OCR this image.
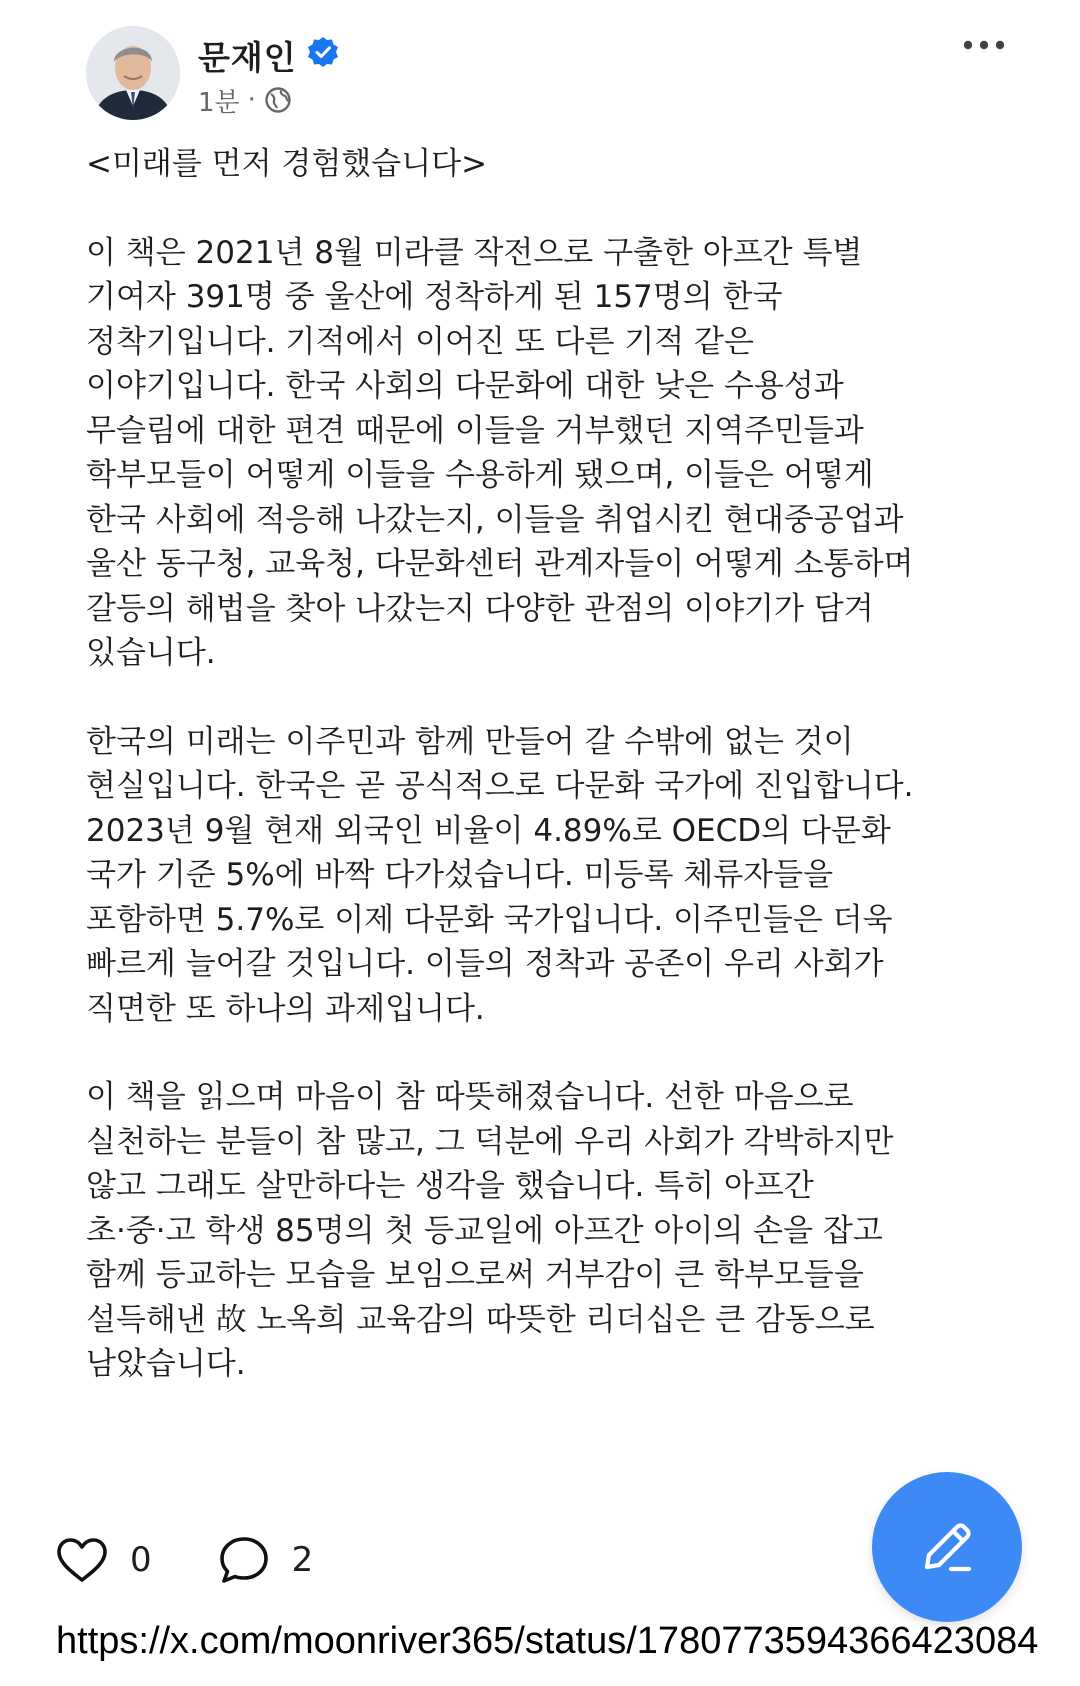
문재인
1분 ·

<미래를 먼저 경험했습니다>

이 책은 2021년 8월 미라클 작전으로 구출한 아프간 특별
기여자 391명 중 울산에 정착하게 된 157명의 한국
정착기입니다. 기적에서 이어진 또 다른 기적 같은
이야기입니다. 한국 사회의 다문화에 대한 낮은 수용성과
무슬림에 대한 편견 때문에 이들을 거부했던 지역주민들과
학부모들이 어떻게 이들을 수용하게 됐으며, 이들은 어떻게
한국 사회에 적응해 나갔는지, 이들을 취업시킨 현대중공업과
울산 동구청, 교육청, 다문화센터 관계자들이 어떻게 소통하며
갈등의 해법을 찾아 나갔는지 다양한 관점의 이야기가 담겨
있습니다.

한국의 미래는 이주민과 함께 만들어 갈 수밖에 없는 것이
현실입니다. 한국은 곧 공식적으로 다문화 국가에 진입합니다.
2023년 9월 현재 외국인 비율이 4.89%로 OECD의 다문화
국가 기준 5%에 바짝 다가섰습니다. 미등록 체류자들을
포함하면 5.7%로 이제 다문화 국가입니다. 이주민들은 더욱
빠르게 늘어갈 것입니다. 이들의 정착과 공존이 우리 사회가
직면한 또 하나의 과제입니다.

이 책을 읽으며 마음이 참 따뜻해졌습니다. 선한 마음으로
실천하는 분들이 참 많고, 그 덕분에 우리 사회가 각박하지만
않고 그래도 살만하다는 생각을 했습니다. 특히 아프간
초·중·고 학생 85명의 첫 등교일에 아프간 아이의 손을 잡고
함께 등교하는 모습을 보임으로써 거부감이 큰 학부모들을
설득해낸 故 노옥희 교육감의 따뜻한 리더십은 큰 감동으로
남았습니다.

0	2
https://x.com/moonriver365/status/1780773594366423084
